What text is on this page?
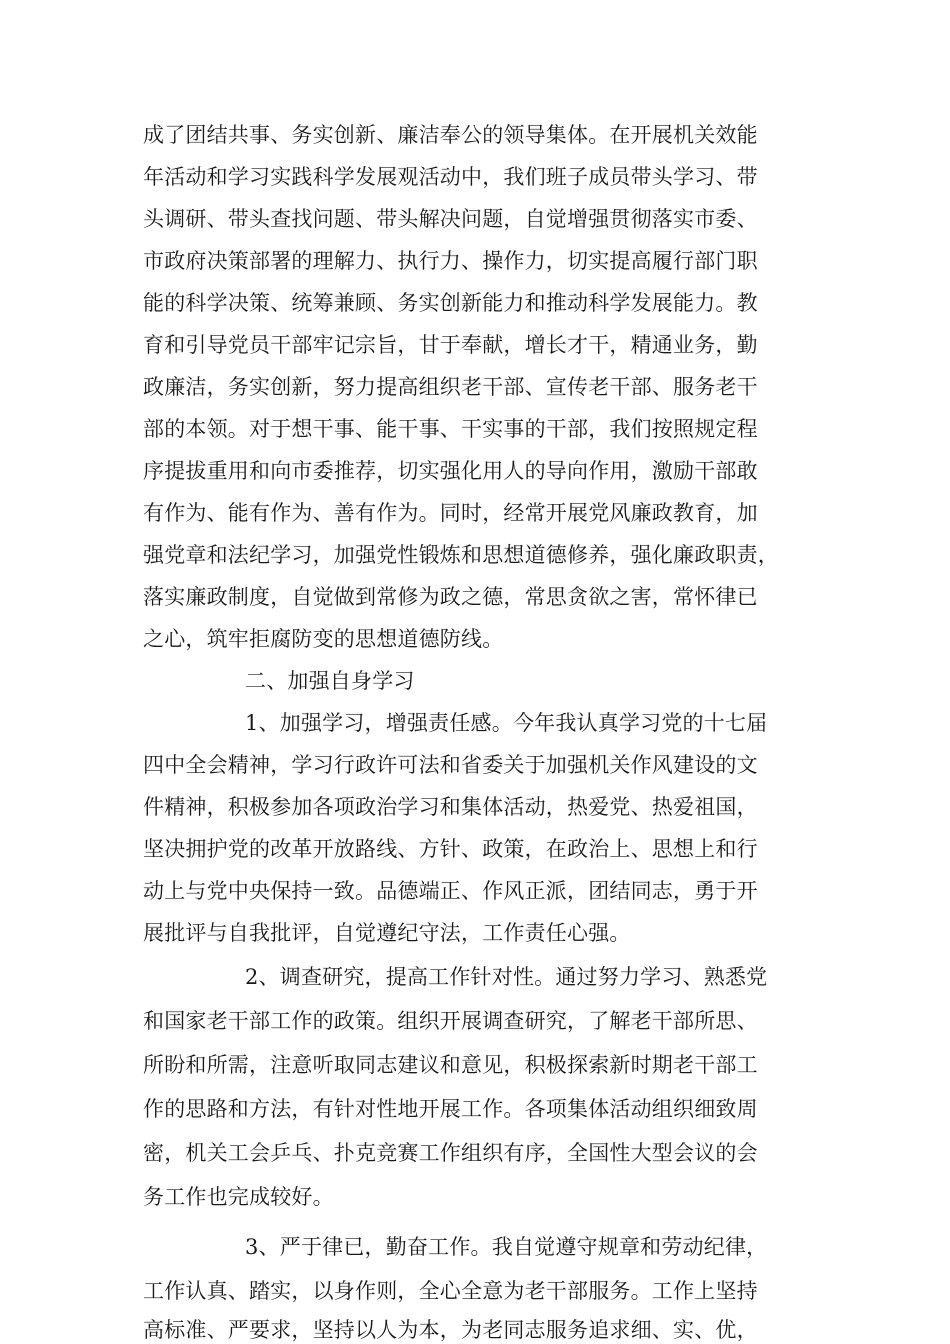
成了团结共事、务实创新、廉洁奉公的领导集体。在开展机关效能
年活动和学习实践科学发展观活动中，我们班子成员带头学习、带
头调研、带头查找问题、带头解决问题，自觉增强贯彻落实市委、
市政府决策部署的理解力、执行力、操作力，切实提高履行部门职
能的科学决策、统筹兼顾、务实创新能力和推动科学发展能力。教
育和引导党员干部牢记宗旨，甘于奉献，增长才干，精通业务，勤
政廉洁，务实创新，努力提高组织老干部、宣传老干部、服务老干
部的本领。对于想干事、能干事、干实事的干部，我们按照规定程
序提拔重用和向市委推荐，切实强化用人的导向作用，激励干部敢
有作为、能有作为、善有作为。同时，经常开展党风廉政教育，加
强党章和法纪学习，加强党性锻炼和思想道德修养，强化廉政职责，
落实廉政制度，自觉做到常修为政之德，常思贪欲之害，常怀律已
之心，筑牢拒腐防变的思想道德防线。
二、加强自身学习
1、加强学习，增强责任感。今年我认真学习党的十七届
四中全会精神，学习行政许可法和省委关于加强机关作风建设的文
件精神，积极参加各项政治学习和集体活动，热爱党、热爱祖国，
坚决拥护党的改革开放路线、方针、政策，在政治上、思想上和行
动上与党中央保持一致。品德端正、作风正派，团结同志，勇于开
展批评与自我批评，自觉遵纪守法，工作责任心强。
2、调查研究，提高工作针对性。通过努力学习、熟悉党
和国家老干部工作的政策。组织开展调查研究，了解老干部所思、
所盼和所需，注意听取同志建议和意见，积极探索新时期老干部工
作的思路和方法，有针对性地开展工作。各项集体活动组织细致周
密，机关工会乒乓、扑克竞赛工作组织有序，全国性大型会议的会
务工作也完成较好。
3、严于律已，勤奋工作。我自觉遵守规章和劳动纪律，
工作认真、踏实，以身作则，全心全意为老干部服务。工作上坚持
高标准、严要求，坚持以人为本，为老同志服务追求细、实、优，
